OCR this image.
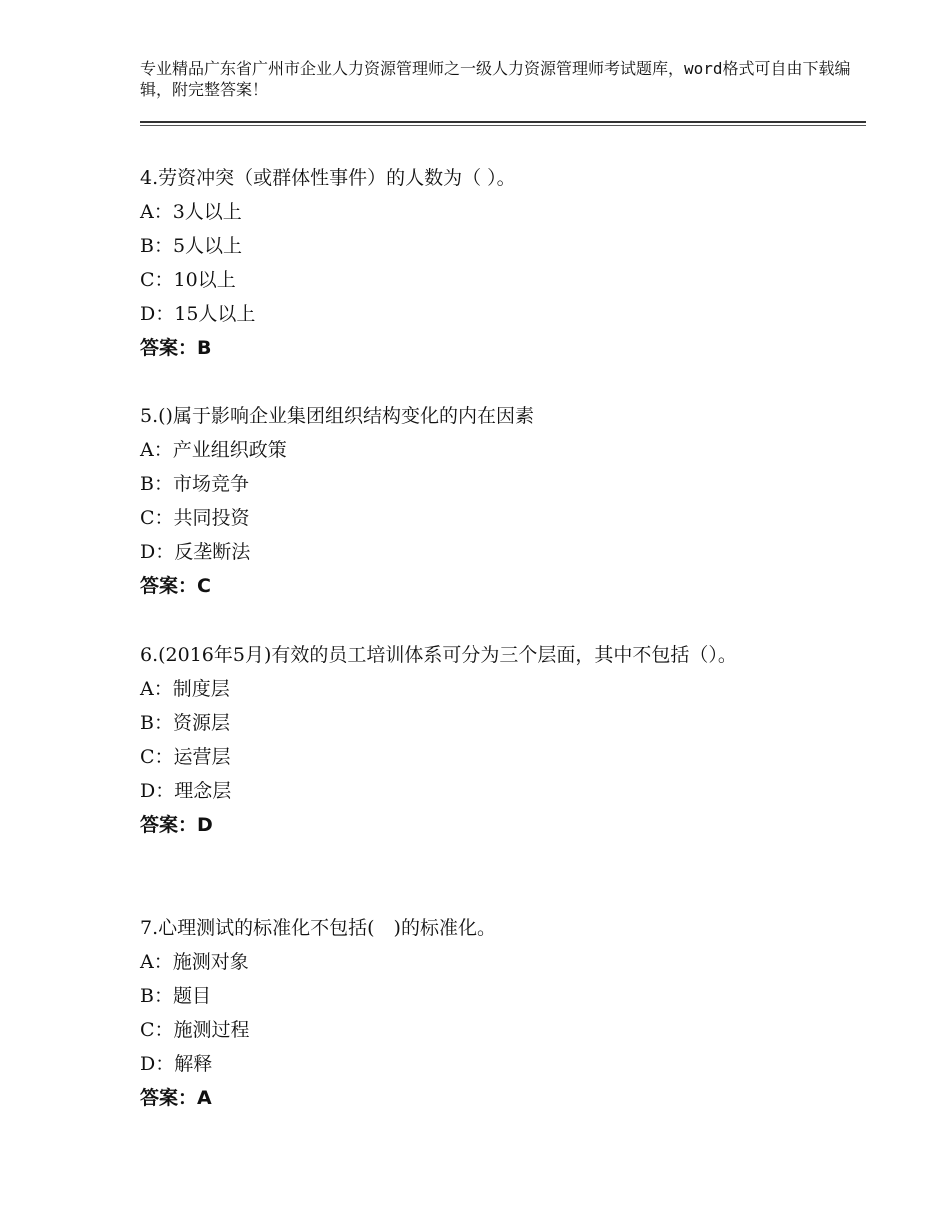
专业精品广东省广州市企业人力资源管理师之一级人力资源管理师考试题库，word格式可自由下载编辑，附完整答案！
4.劳资冲突（或群体性事件）的人数为（ ）。
A：3人以上
B：5人以上
C：10以上
D：15人以上
答案：B
5.()属于影响企业集团组织结构变化的内在因素
A：产业组织政策
B：市场竞争
C：共同投资
D：反垄断法
答案：C
6.(2016年5月)有效的员工培训体系可分为三个层面，其中不包括（）。
A：制度层
B：资源层
C：运营层
D：理念层
答案：D
7.心理测试的标准化不包括(　)的标准化。
A：施测对象
B：题目
C：施测过程
D：解释
答案：A
